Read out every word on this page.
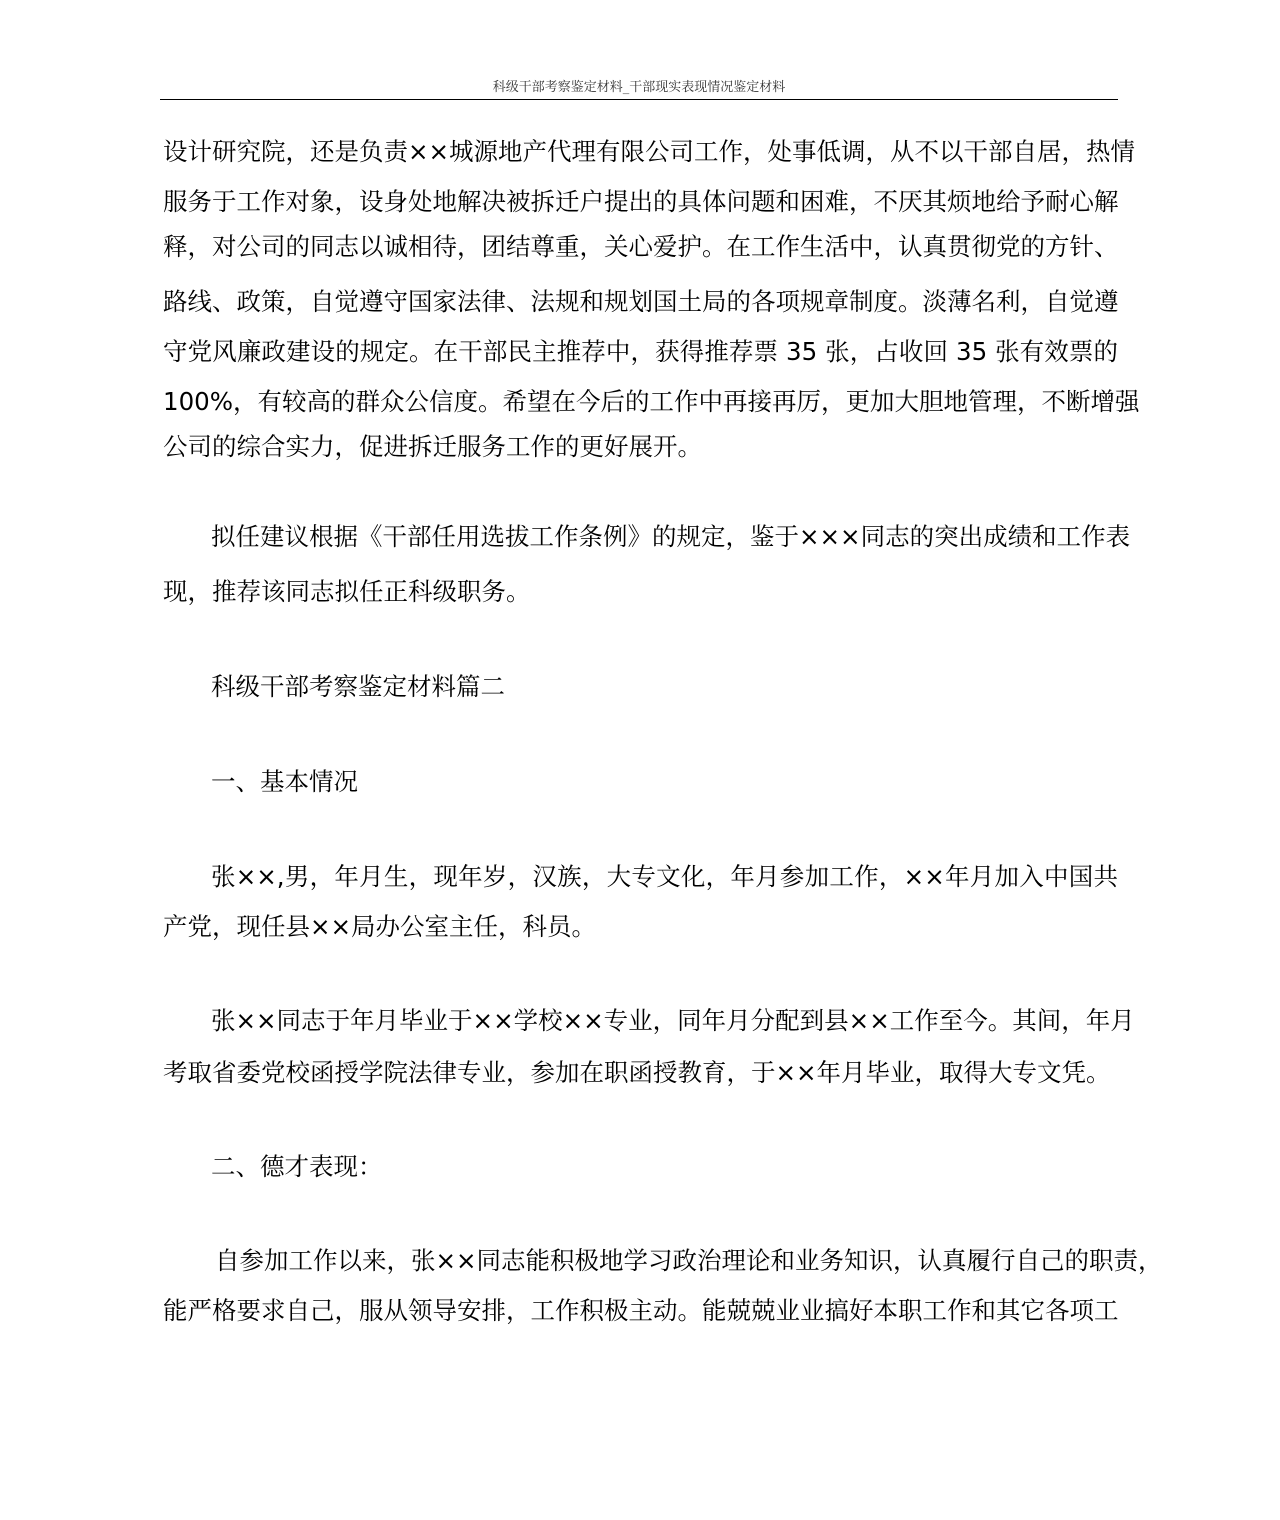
科级干部考察鉴定材料_干部现实表现情况鉴定材料
设计研究院，还是负责××城源地产代理有限公司工作，处事低调，从不以干部自居，热情
服务于工作对象，设身处地解决被拆迁户提出的具体问题和困难，不厌其烦地给予耐心解
释，对公司的同志以诚相待，团结尊重，关心爱护。在工作生活中，认真贯彻党的方针、
路线、政策，自觉遵守国家法律、法规和规划国土局的各项规章制度。淡薄名利，自觉遵
守党风廉政建设的规定。在干部民主推荐中，获得推荐票 35 张，占收回 35 张有效票的
100%，有较高的群众公信度。希望在今后的工作中再接再厉，更加大胆地管理，不断增强
公司的综合实力，促进拆迁服务工作的更好展开。
拟任建议根据《干部任用选拔工作条例》的规定，鉴于×××同志的突出成绩和工作表
现，推荐该同志拟任正科级职务。
科级干部考察鉴定材料篇二
一、基本情况
张××,男，年月生，现年岁，汉族，大专文化，年月参加工作，××年月加入中国共
产党，现任县××局办公室主任，科员。
张××同志于年月毕业于××学校××专业，同年月分配到县××工作至今。其间，年月
考取省委党校函授学院法律专业，参加在职函授教育，于××年月毕业，取得大专文凭。
二、德才表现：
自参加工作以来，张××同志能积极地学习政治理论和业务知识，认真履行自己的职责，
能严格要求自己，服从领导安排，工作积极主动。能兢兢业业搞好本职工作和其它各项工
